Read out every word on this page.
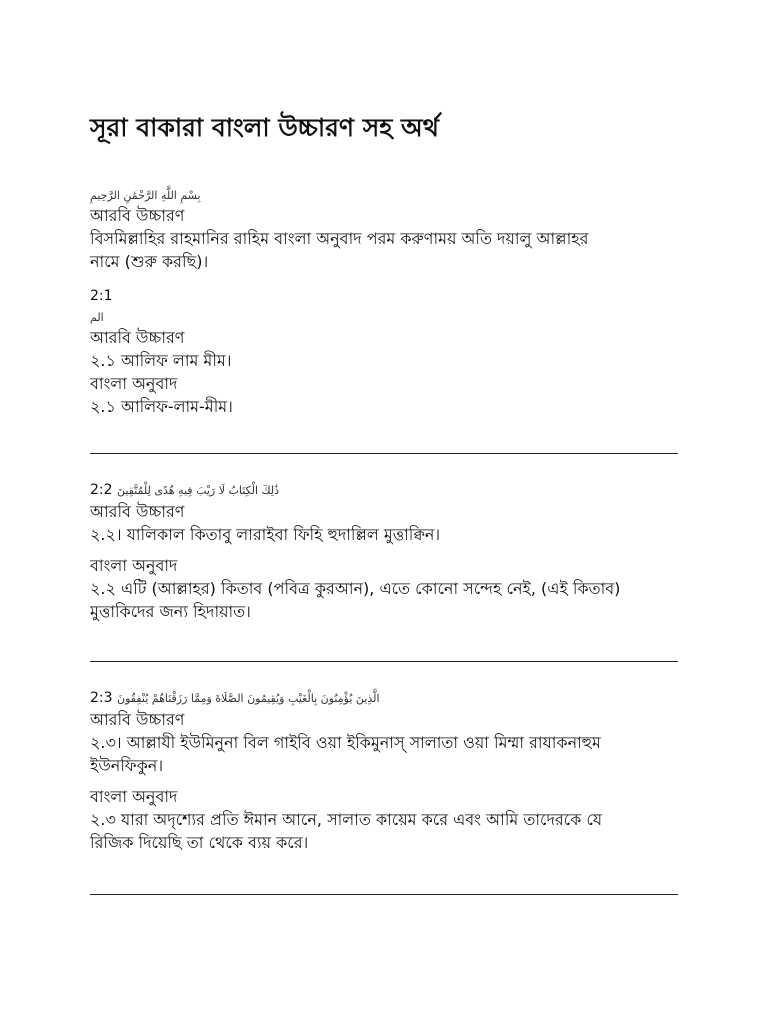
সূরা বাকারা বাংলা উচ্চারণ সহ অর্থ
بِسْمِ اللَّهِ الرَّحْمَٰنِ الرَّحِيمِ

আরবি উচ্চারণ

বিসমিল্লাহির রাহমানির রাহিম বাংলা অনুবাদ পরম করুণাময় অতি দয়ালু আল্লাহর

নামে (শুরু করছি)।

2:1

الم

আরবি উচ্চারণ

২.১ আলিফ লাম মীম।

বাংলা অনুবাদ

২.১ আলিফ-লাম-মীম।

2:2 ذَٰلِكَ الْكِتَابُ لَا رَيْبَ فِيهِ هُدًى لِلْمُتَّقِينَ

আরবি উচ্চারণ

২.২। যালিকাল কিতাবু লারাইবা ফিহি হুদাল্লিল মুত্তাক্বিন।

বাংলা অনুবাদ

২.২ এটি (আল্লাহর) কিতাব (পবিত্র কুরআন), এতে কোনো সন্দেহ নেই, (এই কিতাব)

মুত্তাকিদের জন্য হিদায়াত।

2:3 الَّذِينَ يُؤْمِنُونَ بِالْغَيْبِ وَيُقِيمُونَ الصَّلَاةَ وَمِمَّا رَزَقْنَاهُمْ يُنْفِقُونَ

আরবি উচ্চারণ

২.৩। আল্লাযী ইউমিনুনা বিল গাইবি ওয়া ইকিমুনাস্ সালাতা ওয়া মিম্মা রাযাকনাহুম

ইউনফিকুন।

বাংলা অনুবাদ

২.৩ যারা অদৃশ্যের প্রতি ঈমান আনে, সালাত কায়েম করে এবং আমি তাদেরকে যে

রিজিক দিয়েছি তা থেকে ব্যয় করে।
